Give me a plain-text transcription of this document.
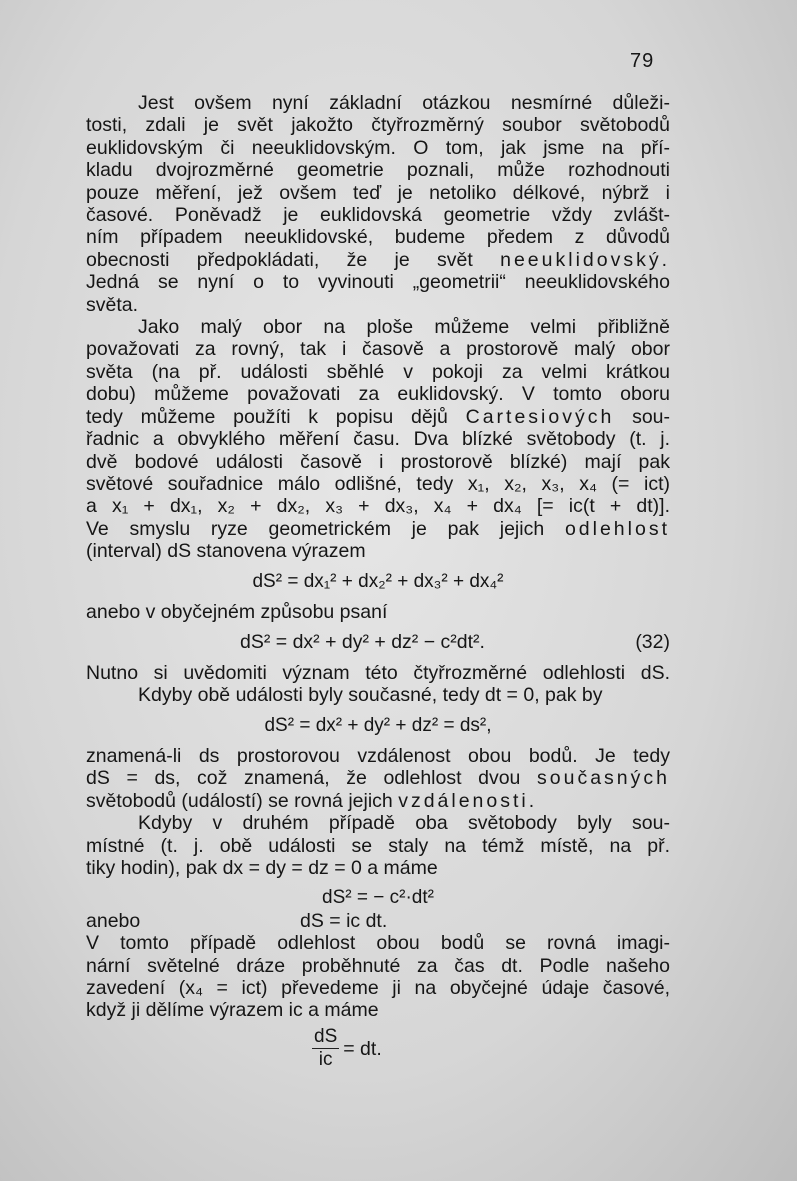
79
Jest ovšem nyní základní otázkou nesmírné důleži-
tosti, zdali je svět jakožto čtyřrozměrný soubor světobodů
euklidovským či neeuklidovským. O tom, jak jsme na pří-
kladu dvojrozměrné geometrie poznali, může rozhodnouti
pouze měření, jež ovšem teď je netoliko délkové, nýbrž i
časové. Poněvadž je euklidovská geometrie vždy zvlášt-
ním případem neeuklidovské, budeme předem z důvodů
obecnosti předpokládati, že je svět neeuklidovský.
Jedná se nyní o to vyvinouti „geometrii“ neeuklidovského
světa.
Jako malý obor na ploše můžeme velmi přibližně
považovati za rovný, tak i časově a prostorově malý obor
světa (na př. události sběhlé v pokoji za velmi krátkou
dobu) můžeme považovati za euklidovský. V tomto oboru
tedy můžeme použíti k popisu dějů Cartesiových sou-
řadnic a obvyklého měření času. Dva blízké světobody (t. j.
dvě bodové události časově i prostorově blízké) mají pak
světové souřadnice málo odlišné, tedy x₁, x₂, x₃, x₄ (= ict)
a x₁ + dx₁, x₂ + dx₂, x₃ + dx₃, x₄ + dx₄ [= ic(t + dt)].
Ve smyslu ryze geometrickém je pak jejich odlehlost
(interval) dS stanovena výrazem
dS² = dx₁² + dx₂² + dx₃² + dx₄²
anebo v obyčejném způsobu psaní
dS² = dx² + dy² + dz² − c²dt².	(32)
Nutno si uvědomiti význam této čtyřrozměrné odlehlosti dS.
Kdyby obě události byly současné, tedy dt = 0, pak by
dS² = dx² + dy² + dz² = ds²,
znamená-li ds prostorovou vzdálenost obou bodů. Je tedy
dS = ds, což znamená, že odlehlost dvou současných
světobodů (událostí) se rovná jejich vzdálenosti.
Kdyby v druhém případě oba světobody byly sou-
místné (t. j. obě události se staly na témž místě, na př.
tiky hodin), pak dx = dy = dz = 0 a máme
dS² = − c²·dt²
anebo	dS = ic dt.
V tomto případě odlehlost obou bodů se rovná imagi-
nární světelné dráze proběhnuté za čas dt. Podle našeho
zavedení (x₄ = ict) převedeme ji na obyčejné údaje časové,
když ji dělíme výrazem ic a máme
$\frac{dS}{ic}$ = dt.
